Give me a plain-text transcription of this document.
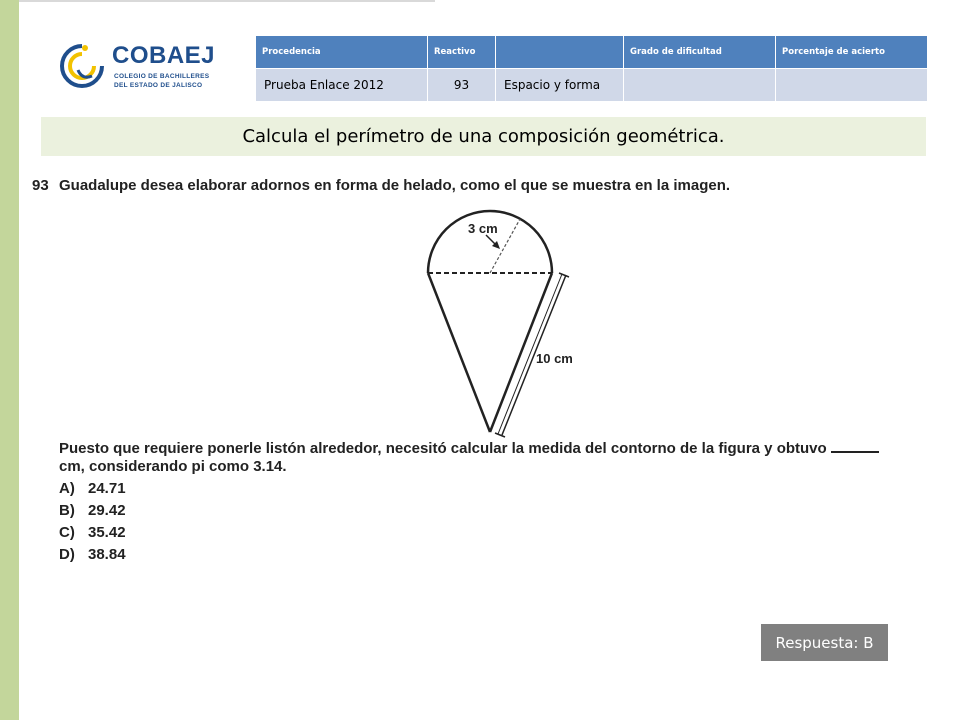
COBAEJ
COLEGIO DE BACHILLERES
DEL ESTADO DE JALISCO
Procedencia	Reactivo		Grado de dificultad	Porcentaje de acierto
Prueba Enlace 2012	93	Espacio y forma		
Calcula el perímetro de una composición geométrica.
93 Guadalupe desea elaborar adornos en forma de helado, como el que se muestra en la imagen.
3 cm
10 cm
Puesto que requiere ponerle listón alrededor, necesitó calcular la medida del contorno de la figura y obtuvo
cm, considerando pi como 3.14.
A) 24.71
B) 29.42
C) 35.42
D) 38.84
Respuesta: B
